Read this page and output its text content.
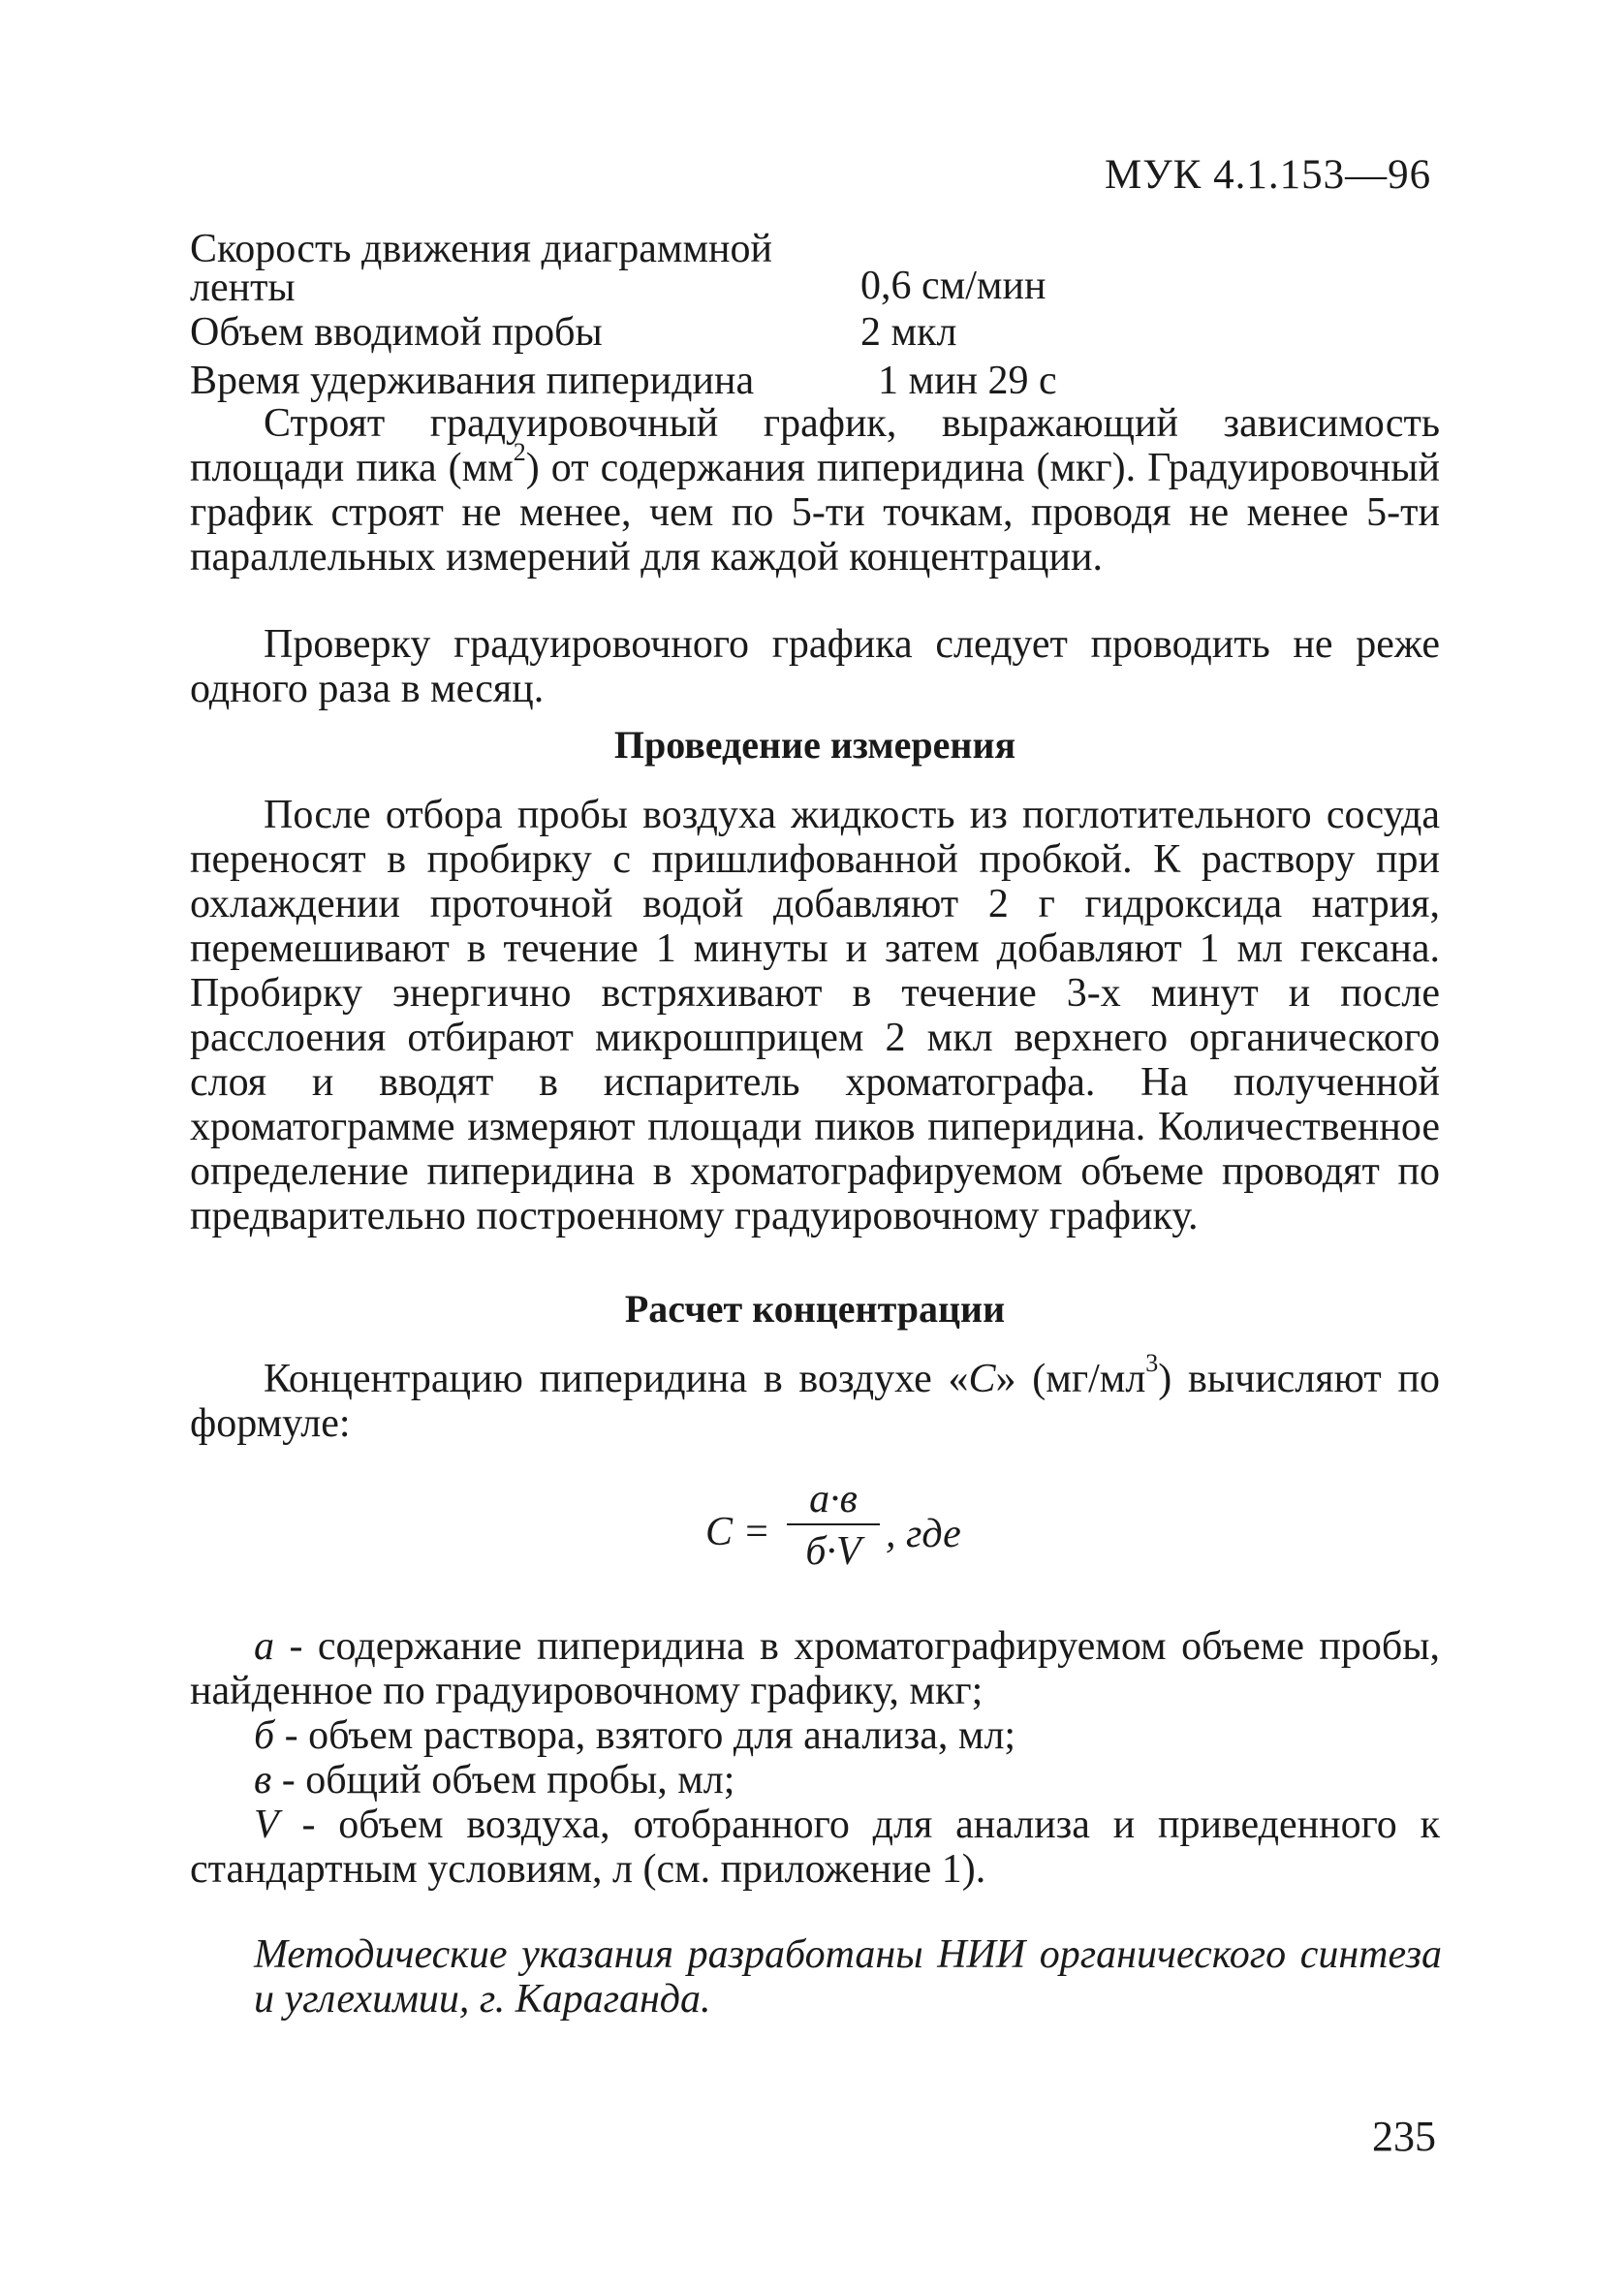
МУК 4.1.153—96
Скорость движения диаграммной
ленты	0,6 см/мин
Объем вводимой пробы	2 мкл
Время удерживания пиперидина	1 мин 29 с
Строят градуировочный график, выражающий зависимость площади пика $(мм^2)$ от содержания пиперидина (мкг). Градуировочный график строят не менее, чем по 5-ти точкам, проводя не менее 5-ти параллельных измерений для каждой концентрации.
Проверку градуировочного графика следует проводить не реже одного раза в месяц.
Проведение измерения
После отбора пробы воздуха жидкость из поглотительного сосуда переносят в пробирку с пришлифованной пробкой. К раствору при охлаждении проточной водой добавляют 2 г гидроксида натрия, перемешивают в течение 1 минуты и затем добавляют 1 мл гексана. Пробирку энергично встряхивают в течение 3-х минут и после расслоения отбирают микрошприцем 2 мкл верхнего органического слоя и вводят в испаритель хроматографа. На полученной хроматограмме измеряют площади пиков пиперидина. Количественное определение пиперидина в хроматографируемом объеме проводят по предварительно построенному градуировочному графику.
Расчет концентрации
Концентрацию пиперидина в воздухе «С» $(мг/мл^3)$ вычисляют по формуле:
С =
а·в
б·V , где
а - содержание пиперидина в хроматографируемом объеме пробы, найденное по градуировочному графику, мкг;
б - объем раствора, взятого для анализа, мл;
в - общий объем пробы, мл;
V - объем воздуха, отобранного для анализа и приведенного к стандартным условиям, л (см. приложение 1).
Методические указания разработаны НИИ органического синтеза и углехимии, г. Караганда.
235
